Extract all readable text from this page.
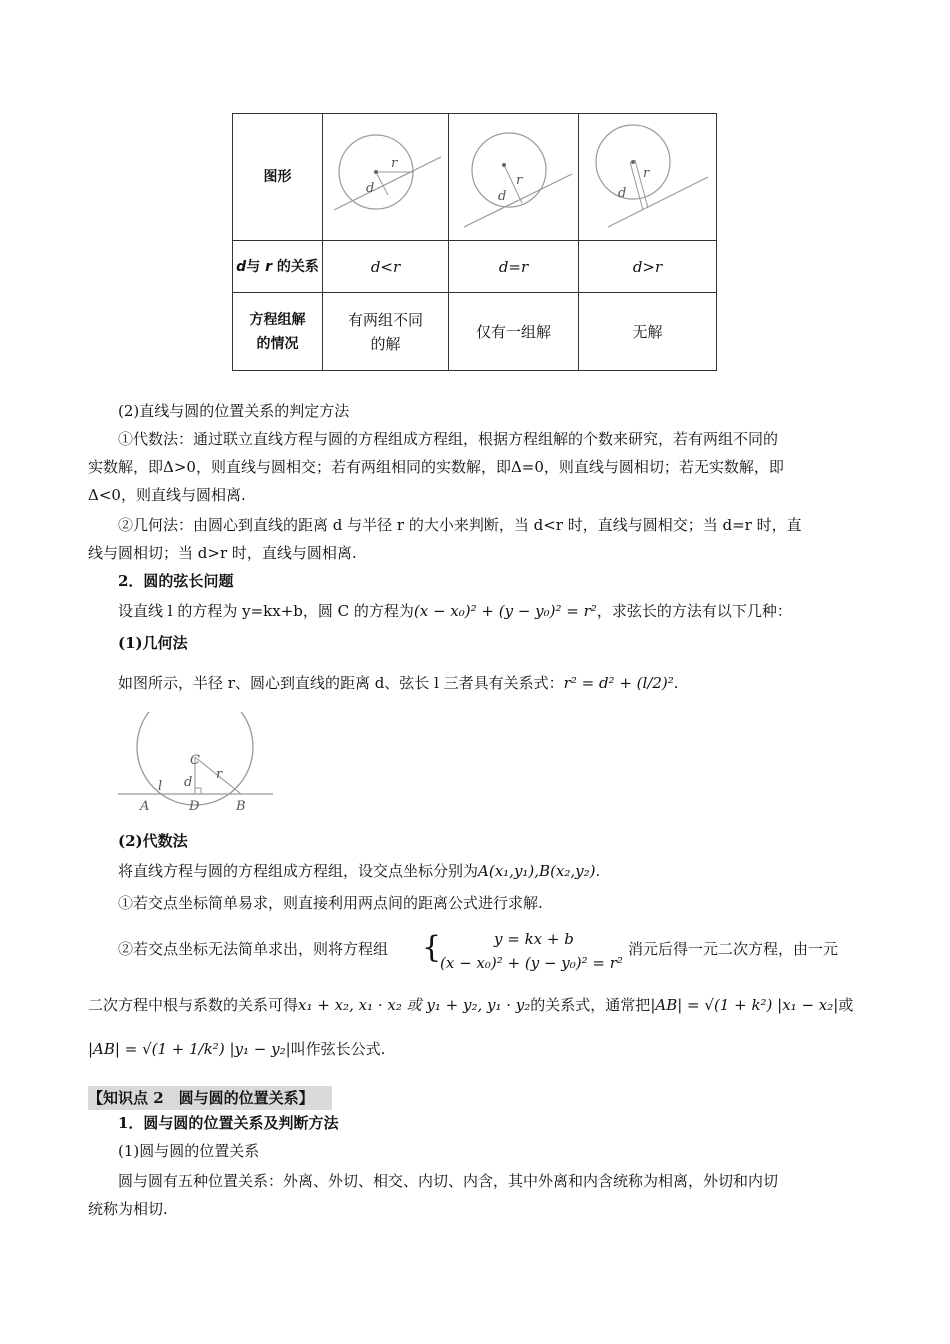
图形	r
d	r
d	r
d

d与 r 的关系	d<r	d=r	d>r
方程组解的情况	有两组不同的解	仅有一组解	无解
(2)直线与圆的位置关系的判定方法
①代数法：通过联立直线方程与圆的方程组成方程组，根据方程组解的个数来研究，若有两组不同的
实数解，即Δ>0，则直线与圆相交；若有两组相同的实数解，即Δ=0，则直线与圆相切；若无实数解，即
Δ<0，则直线与圆相离.
②几何法：由圆心到直线的距离 d 与半径 r 的大小来判断，当 d<r 时，直线与圆相交；当 d=r 时，直
线与圆相切；当 d>r 时，直线与圆相离.
2．圆的弦长问题
设直线 l 的方程为 y=kx+b，圆 C 的方程为(x − x₀)² + (y − y₀)² = r²，求弦长的方法有以下几种：
(1)几何法
如图所示，半径 r、圆心到直线的距离 d、弦长 l 三者具有关系式：r² = d² + (l/2)².
C
d
r
l
A	D	B
(2)代数法
将直线方程与圆的方程组成方程组，设交点坐标分别为A(x₁,y₁),B(x₂,y₂).
①若交点坐标简单易求，则直接利用两点间的距离公式进行求解.
②若交点坐标无法简单求出，则将方程组 {	y = kx + b
(x − x₀)² + (y − y₀)² = r²
消元后得一元二次方程，由一元
二次方程中根与系数的关系可得x₁ + x₂, x₁ · x₂ 或 y₁ + y₂, y₁ · y₂的关系式，通常把|AB| = √(1 + k²) |x₁ − x₂|或
|AB| = √(1 + 1/k²) |y₁ − y₂|叫作弦长公式.
【知识点 2　圆与圆的位置关系】
1．圆与圆的位置关系及判断方法
(1)圆与圆的位置关系
圆与圆有五种位置关系：外离、外切、相交、内切、内含，其中外离和内含统称为相离，外切和内切
统称为相切.
